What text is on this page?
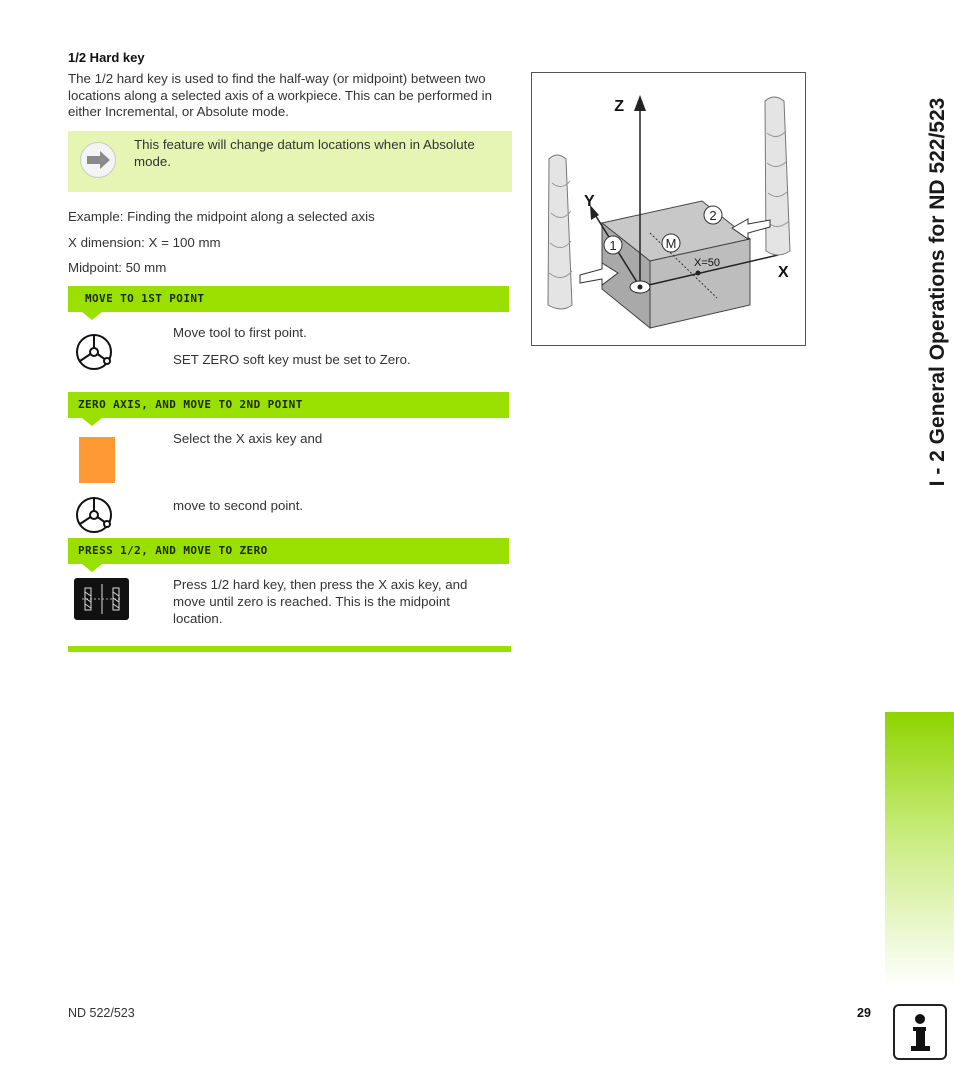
1/2 Hard key
The 1/2 hard key is used to find the half-way (or midpoint) between two locations along a selected axis of a workpiece. This can be performed in either Incremental, or Absolute mode.
This feature will change datum locations when in Absolute mode.
Example: Finding the midpoint along a selected axis
X dimension: X = 100 mm
Midpoint: 50 mm
MOVE TO 1ST POINT
Move tool to first point.
SET ZERO soft key must be set to Zero.
ZERO AXIS, AND MOVE TO 2ND POINT
Select the X axis key and
move to second point.
PRESS 1/2, AND MOVE TO ZERO
Press 1/2 hard key, then press the X axis key, and move until zero is reached. This is the midpoint location.
1
2
M
Z
Y
X
X=50	I - 2 General Operations for ND 522/523
ND 522/523	29
